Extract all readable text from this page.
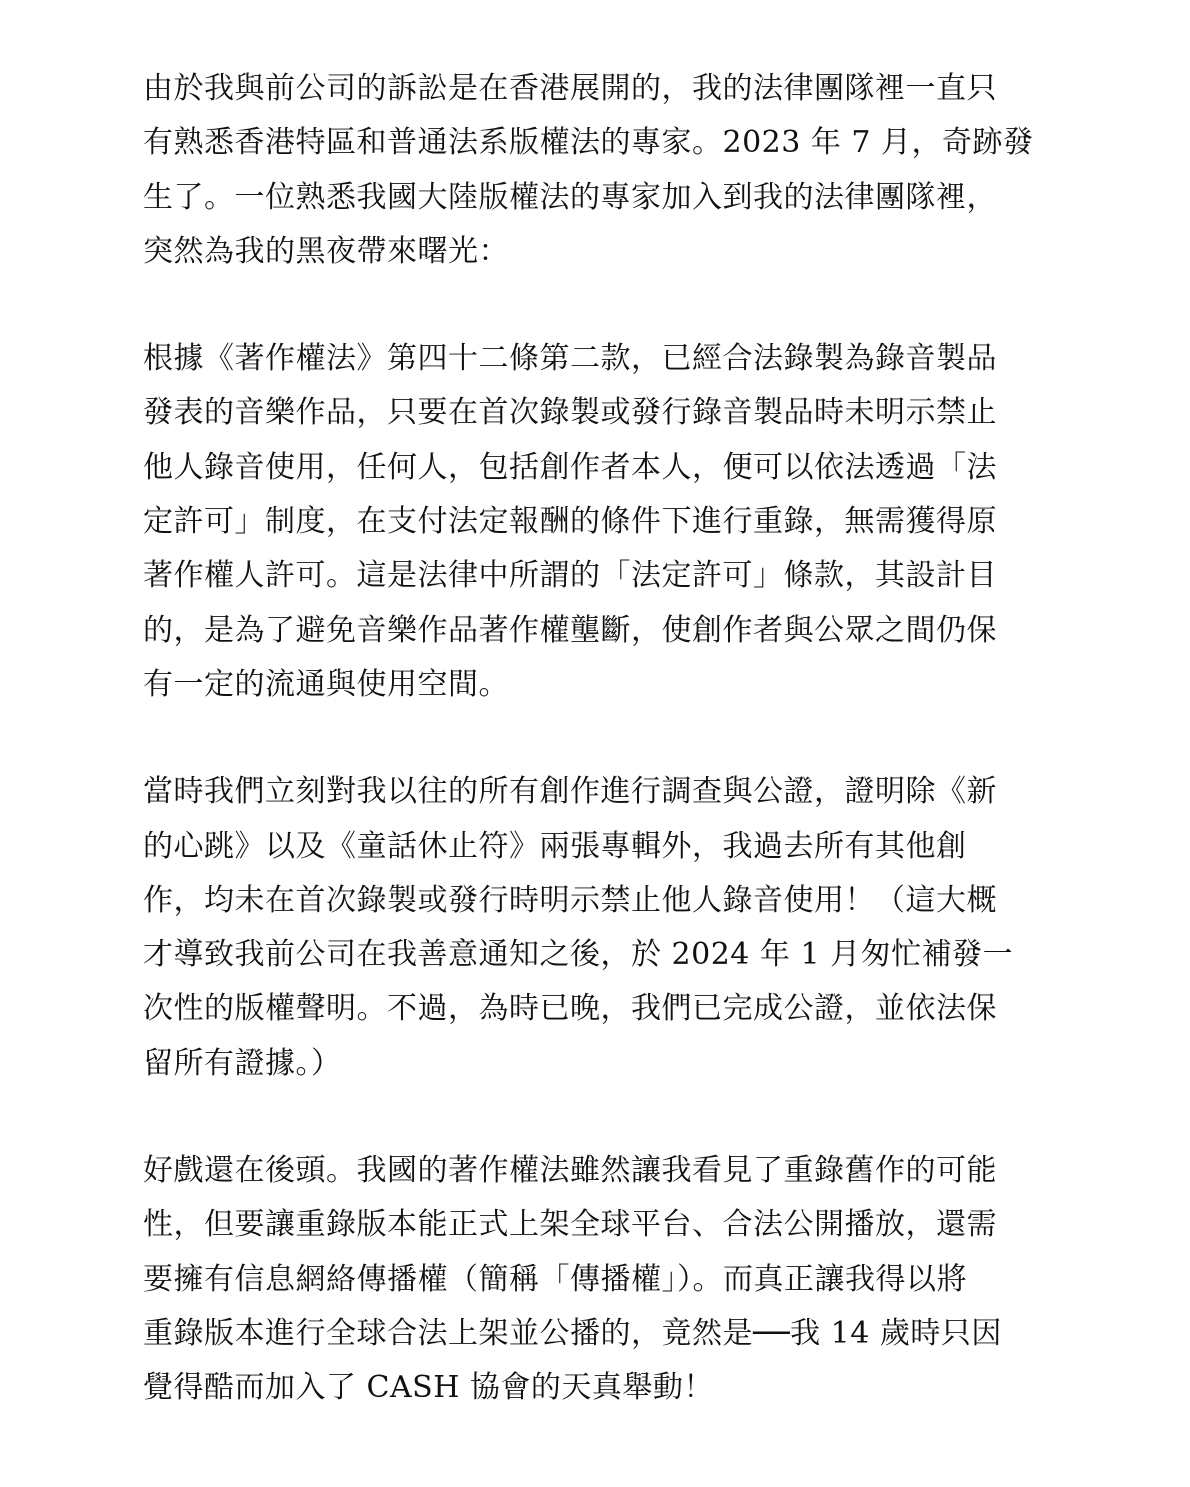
由於我與前公司的訴訟是在香港展開的，我的法律團隊裡一直只
有熟悉香港特區和普通法系版權法的專家。2023 年 7 月，奇跡發
生了。一位熟悉我國大陸版權法的專家加入到我的法律團隊裡，
突然為我的黑夜帶來曙光：
根據《著作權法》第四十二條第二款，已經合法錄製為錄音製品
發表的音樂作品，只要在首次錄製或發行錄音製品時未明示禁止
他人錄音使用，任何人，包括創作者本人，便可以依法透過「法
定許可」制度，在支付法定報酬的條件下進行重錄，無需獲得原
著作權人許可。這是法律中所謂的「法定許可」條款，其設計目
的，是為了避免音樂作品著作權壟斷，使創作者與公眾之間仍保
有一定的流通與使用空間。
當時我們立刻對我以往的所有創作進行調查與公證，證明除《新
的心跳》以及《童話休止符》兩張專輯外，我過去所有其他創
作，均未在首次錄製或發行時明示禁止他人錄音使用！（這大概
才導致我前公司在我善意通知之後，於 2024 年 1 月匆忙補發一
次性的版權聲明。不過，為時已晚，我們已完成公證，並依法保
留所有證據。）
好戲還在後頭。我國的著作權法雖然讓我看見了重錄舊作的可能
性，但要讓重錄版本能正式上架全球平台、合法公開播放，還需
要擁有信息網絡傳播權（簡稱「傳播權」）。而真正讓我得以將
重錄版本進行全球合法上架並公播的，竟然是──我 14 歲時只因
覺得酷而加入了 CASH 協會的天真舉動！
